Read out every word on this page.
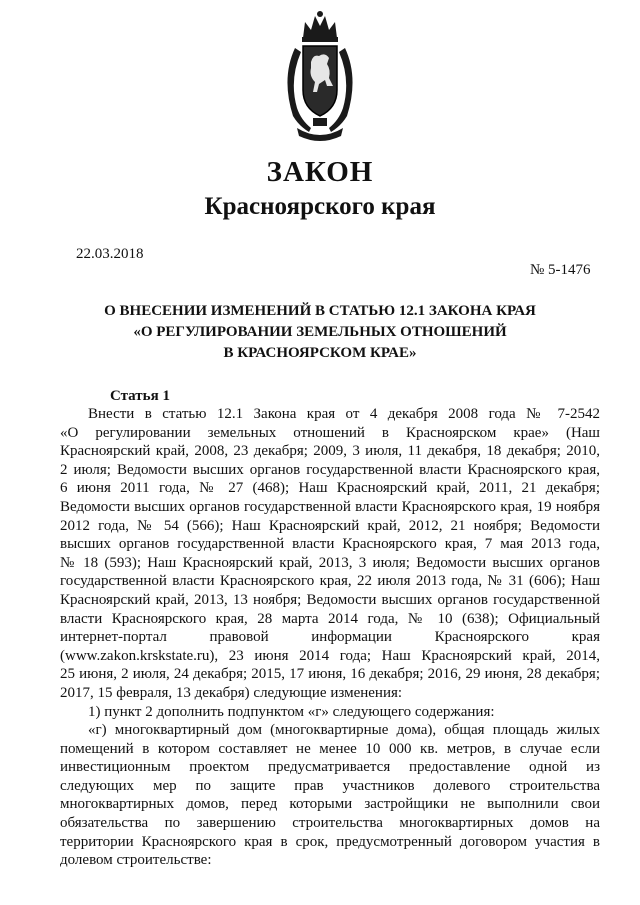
ЗАКОН
Красноярского края
22.03.2018
№ 5-1476
О ВНЕСЕНИИ ИЗМЕНЕНИЙ В СТАТЬЮ 12.1 ЗАКОНА КРАЯ
«О РЕГУЛИРОВАНИИ ЗЕМЕЛЬНЫХ ОТНОШЕНИЙ
В КРАСНОЯРСКОМ КРАЕ»
Статья 1
Внести в статью 12.1 Закона края от 4 декабря 2008 года № 7-2542
«О регулировании земельных отношений в Красноярском крае» (Наш
Красноярский край, 2008, 23 декабря; 2009, 3 июля, 11 декабря, 18 декабря; 2010,
2 июля; Ведомости высших органов государственной власти Красноярского края,
6 июня 2011 года, № 27 (468); Наш Красноярский край, 2011, 21 декабря;
Ведомости высших органов государственной власти Красноярского края, 19 ноября
2012 года, № 54 (566); Наш Красноярский край, 2012, 21 ноября; Ведомости
высших органов государственной власти Красноярского края, 7 мая 2013 года,
№ 18 (593); Наш Красноярский край, 2013, 3 июля; Ведомости высших органов
государственной власти Красноярского края, 22 июля 2013 года, № 31 (606); Наш
Красноярский край, 2013, 13 ноября; Ведомости высших органов государственной
власти Красноярского края, 28 марта 2014 года, № 10 (638); Официальный
интернет-портал правовой информации Красноярского края
(www.zakon.krskstate.ru), 23 июня 2014 года; Наш Красноярский край, 2014,
25 июня, 2 июля, 24 декабря; 2015, 17 июня, 16 декабря; 2016, 29 июня, 28 декабря;
2017, 15 февраля, 13 декабря) следующие изменения:
1) пункт 2 дополнить подпунктом «г» следующего содержания:
«г) многоквартирный дом (многоквартирные дома), общая площадь жилых
помещений в котором составляет не менее 10 000 кв. метров, в случае если
инвестиционным проектом предусматривается предоставление одной из
следующих мер по защите прав участников долевого строительства
многоквартирных домов, перед которыми застройщики не выполнили свои
обязательства по завершению строительства многоквартирных домов на
территории Красноярского края в срок, предусмотренный договором участия в
долевом строительстве:
